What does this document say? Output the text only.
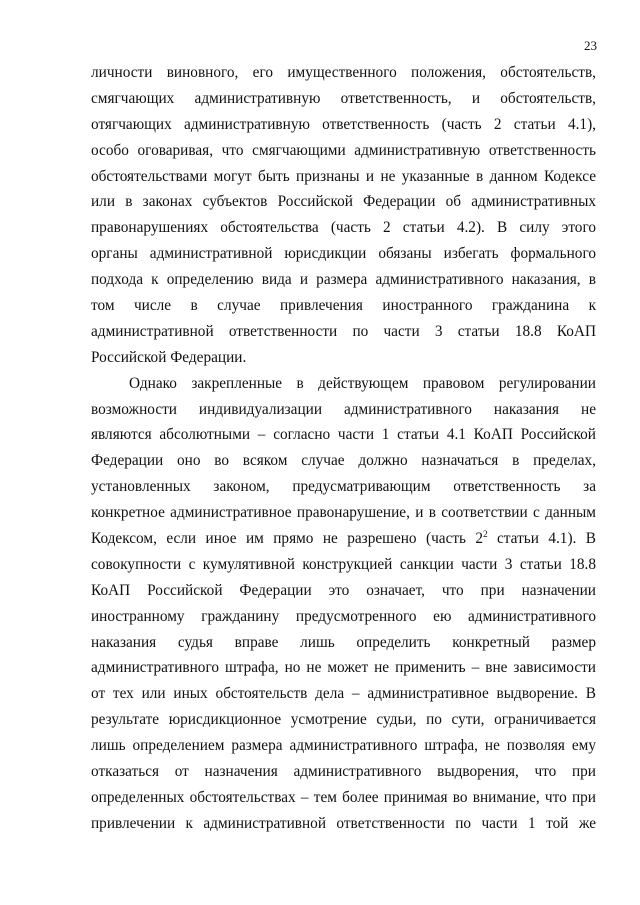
23
личности виновного, его имущественного положения, обстоятельств,
смягчающих административную ответственность, и обстоятельств,
отягчающих административную ответственность (часть 2 статьи 4.1),
особо оговаривая, что смягчающими административную ответственность
обстоятельствами могут быть признаны и не указанные в данном Кодексе
или в законах субъектов Российской Федерации об административных
правонарушениях обстоятельства (часть 2 статьи 4.2). В силу этого
органы административной юрисдикции обязаны избегать формального
подхода к определению вида и размера административного наказания, в
том числе в случае привлечения иностранного гражданина к
административной ответственности по части 3 статьи 18.8 КоАП
Российской Федерации.
Однако закрепленные в действующем правовом регулировании
возможности индивидуализации административного наказания не
являются абсолютными – согласно части 1 статьи 4.1 КоАП Российской
Федерации оно во всяком случае должно назначаться в пределах,
установленных законом, предусматривающим ответственность за
конкретное административное правонарушение, и в соответствии с данным
Кодексом, если иное им прямо не разрешено (часть $2^2$ статьи 4.1). В
совокупности с кумулятивной конструкцией санкции части 3 статьи 18.8
КоАП Российской Федерации это означает, что при назначении
иностранному гражданину предусмотренного ею административного
наказания судья вправе лишь определить конкретный размер
административного штрафа, но не может не применить – вне зависимости
от тех или иных обстоятельств дела – административное выдворение. В
результате юрисдикционное усмотрение судьи, по сути, ограничивается
лишь определением размера административного штрафа, не позволяя ему
отказаться от назначения административного выдворения, что при
определенных обстоятельствах – тем более принимая во внимание, что при
привлечении к административной ответственности по части 1 той же
